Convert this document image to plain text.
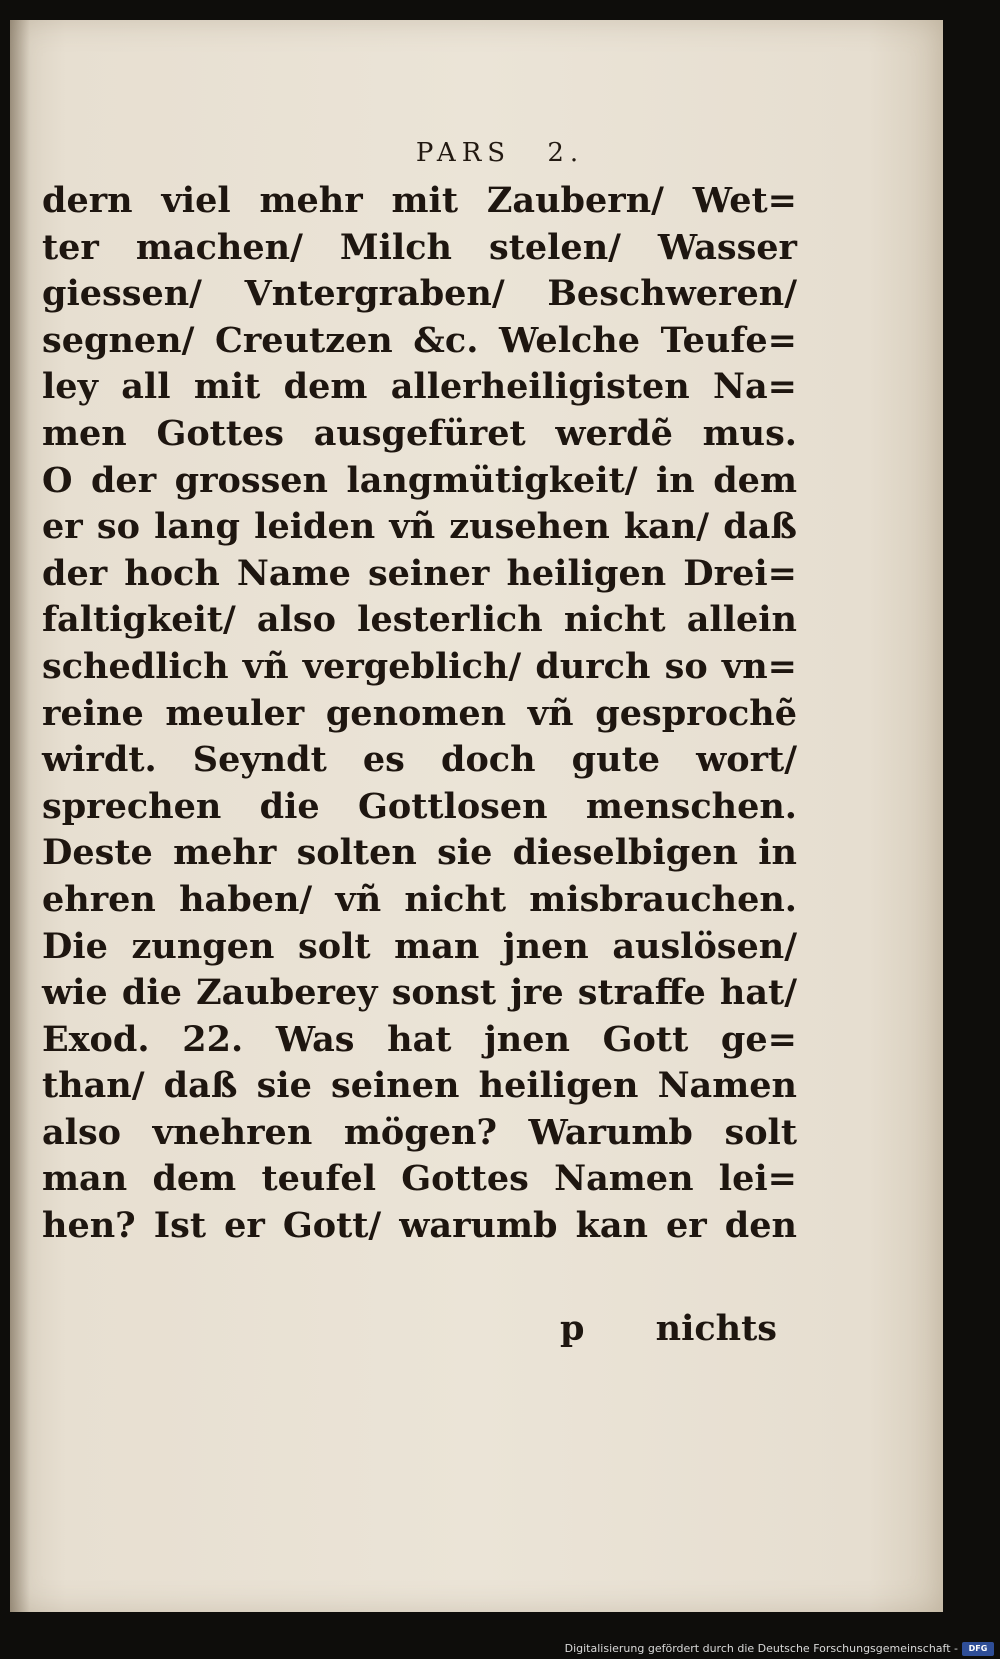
PARS 2.
dern viel mehr mit Zaubern/ Wet=
ter machen/ Milch stelen/ Wasser
giessen/ Vntergraben/ Beschweren/
segnen/ Creutzen &c. Welche Teufe=
ley all mit dem allerheiligisten Na=
men Gottes ausgefüret werdẽ mus.
O der grossen langmütigkeit/ in dem
er so lang leiden vñ zusehen kan/ daß
der hoch Name seiner heiligen Drei=
faltigkeit/ also lesterlich nicht allein
schedlich vñ vergeblich/ durch so vn=
reine meuler genomen vñ gesprochẽ
wirdt. Seyndt es doch gute wort/
sprechen die Gottlosen menschen.
Deste mehr solten sie dieselbigen in
ehren haben/ vñ nicht misbrauchen.
Die zungen solt man jnen auslösen/
wie die Zauberey sonst jre straffe hat/
Exod. 22. Was hat jnen Gott ge=
than/ daß sie seinen heiligen Namen
also vnehren mögen? Warumb solt
man dem teufel Gottes Namen lei=
hen? Ist er Gott/ warumb kan er den
p nichts
Digitalisierung gefördert durch die Deutsche Forschungsgemeinschaft -	DFG
